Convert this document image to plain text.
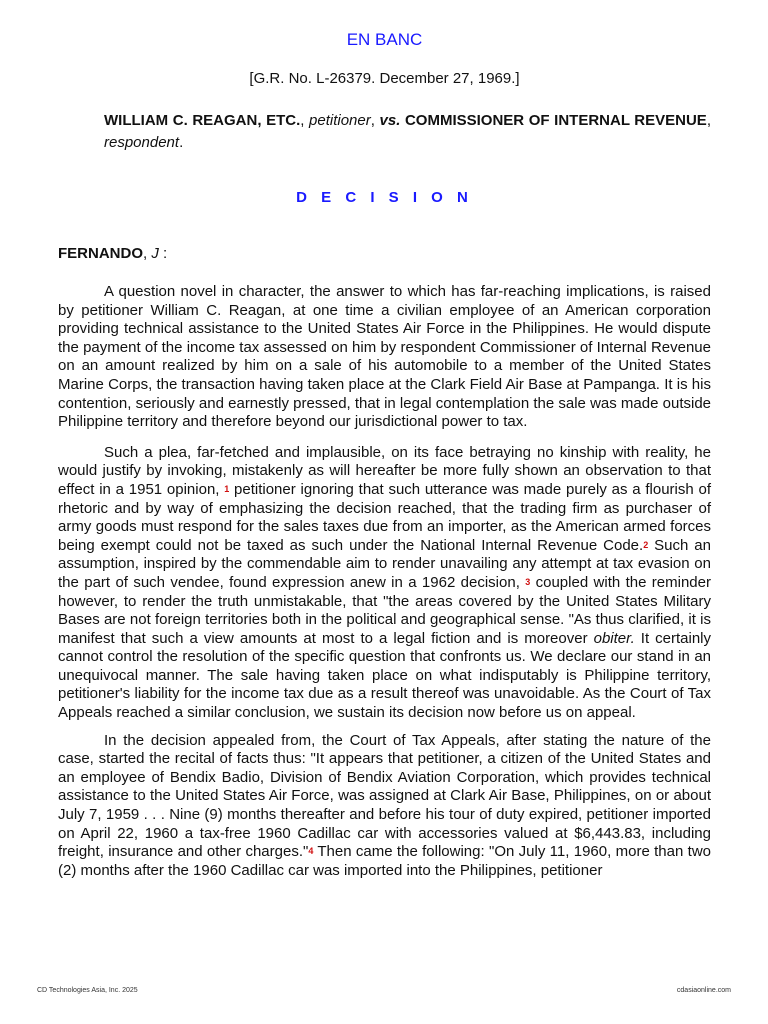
EN BANC
[G.R. No. L-26379. December 27, 1969.]
WILLIAM C. REAGAN, ETC., petitioner, vs. COMMISSIONER OF INTERNAL REVENUE, respondent.
D E C I S I O N
FERNANDO, J :

A question novel in character, the answer to which has far-reaching implications, is raised by petitioner William C. Reagan, at one time a civilian employee of an American corporation providing technical assistance to the United States Air Force in the Philippines. He would dispute the payment of the income tax assessed on him by respondent Commissioner of Internal Revenue on an amount realized by him on a sale of his automobile to a member of the United States Marine Corps, the transaction having taken place at the Clark Field Air Base at Pampanga. It is his contention, seriously and earnestly pressed, that in legal contemplation the sale was made outside Philippine territory and therefore beyond our jurisdictional power to tax.

Such a plea, far-fetched and implausible, on its face betraying no kinship with reality, he would justify by invoking, mistakenly as will hereafter be more fully shown an observation to that effect in a 1951 opinion, $^1$ petitioner ignoring that such utterance was made purely as a flourish of rhetoric and by way of emphasizing the decision reached, that the trading firm as purchaser of army goods must respond for the sales taxes due from an importer, as the American armed forces being exempt could not be taxed as such under the National Internal Revenue Code.$^2$ Such an assumption, inspired by the commendable aim to render unavailing any attempt at tax evasion on the part of such vendee, found expression anew in a 1962 decision, $^3$ coupled with the reminder however, to render the truth unmistakable, that "the areas covered by the United States Military Bases are not foreign territories both in the political and geographical sense. "As thus clarified, it is manifest that such a view amounts at most to a legal fiction and is moreover obiter. It certainly cannot control the resolution of the specific question that confronts us. We declare our stand in an unequivocal manner. The sale having taken place on what indisputably is Philippine territory, petitioner's liability for the income tax due as a result thereof was unavoidable. As the Court of Tax Appeals reached a similar conclusion, we sustain its decision now before us on appeal.

In the decision appealed from, the Court of Tax Appeals, after stating the nature of the case, started the recital of facts thus: "It appears that petitioner, a citizen of the United States and an employee of Bendix Badio, Division of Bendix Aviation Corporation, which provides technical assistance to the United States Air Force, was assigned at Clark Air Base, Philippines, on or about July 7, 1959 . . . Nine (9) months thereafter and before his tour of duty expired, petitioner imported on April 22, 1960 a tax-free 1960 Cadillac car with accessories valued at $6,443.83, including freight, insurance and other charges."$^4$ Then came the following: "On July 11, 1960, more than two (2) months after the 1960 Cadillac car was imported into the Philippines, petitioner

CD Technologies Asia, Inc. 2025	cdasiaonline.com
